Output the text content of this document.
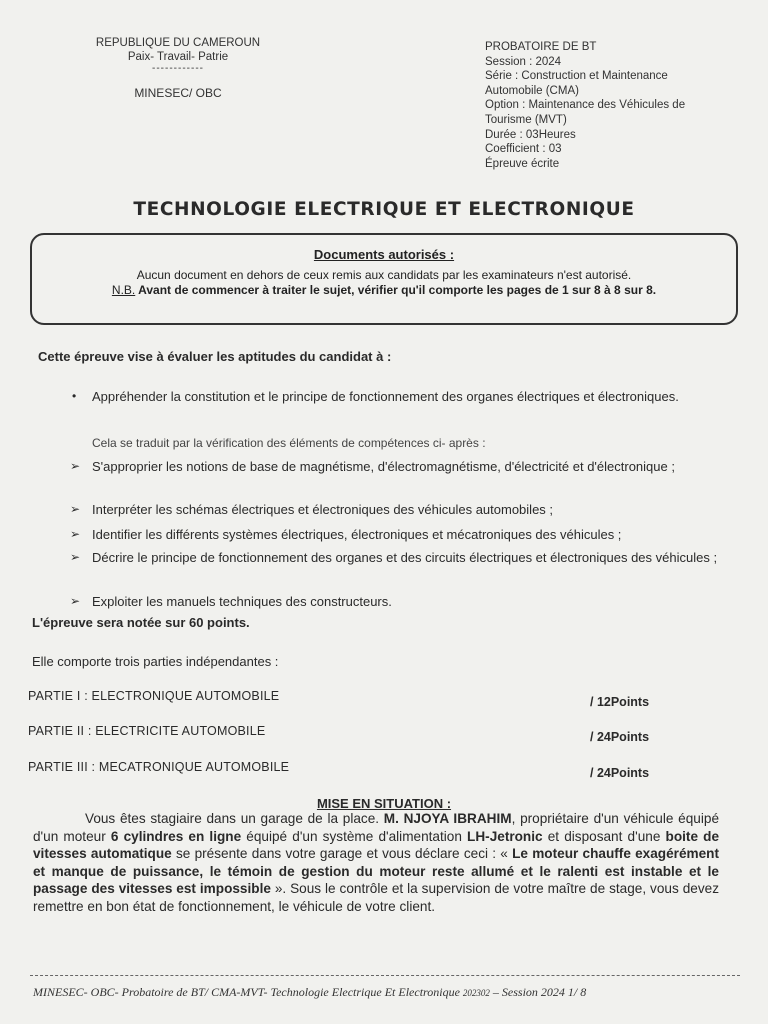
REPUBLIQUE DU CAMEROUN
Paix- Travail- Patrie
------------
MINESEC/ OBC
PROBATOIRE DE BT
Session : 2024
Série : Construction et Maintenance
Automobile (CMA)
Option : Maintenance des Véhicules de
Tourisme (MVT)
Durée : 03Heures
Coefficient : 03
Épreuve écrite
TECHNOLOGIE ELECTRIQUE ET ELECTRONIQUE
Documents autorisés :
Aucun document en dehors de ceux remis aux candidats par les examinateurs n'est autorisé.
N.B. Avant de commencer à traiter le sujet, vérifier qu'il comporte les pages de 1 sur 8 à 8 sur 8.
Cette épreuve vise à évaluer les aptitudes du candidat à :
•	Appréhender la constitution et le principe de fonctionnement des organes électriques et électroniques.
Cela se traduit par la vérification des éléments de compétences ci- après :
➢ S'approprier les notions de base de magnétisme, d'électromagnétisme, d'électricité et d'électronique ;
➢ Interpréter les schémas électriques et électroniques des véhicules automobiles ;
➢ Identifier les différents systèmes électriques, électroniques et mécatroniques des véhicules ;
➢ Décrire le principe de fonctionnement des organes et des circuits électriques et électroniques des véhicules ;
➢ Exploiter les manuels techniques des constructeurs.
L'épreuve sera notée sur 60 points.
Elle comporte trois parties indépendantes :
PARTIE I : ELECTRONIQUE AUTOMOBILE	/ 12Points
PARTIE II : ELECTRICITE AUTOMOBILE	/ 24Points
PARTIE III : MECATRONIQUE AUTOMOBILE	/ 24Points
MISE EN SITUATION :
Vous êtes stagiaire dans un garage de la place. M. NJOYA IBRAHIM, propriétaire d'un véhicule équipé d'un moteur 6 cylindres en ligne équipé d'un système d'alimentation LH-Jetronic et disposant d'une boite de vitesses automatique se présente dans votre garage et vous déclare ceci : « Le moteur chauffe exagérément et manque de puissance, le témoin de gestion du moteur reste allumé et le ralenti est instable et le passage des vitesses est impossible ». Sous le contrôle et la supervision de votre maître de stage, vous devez remettre en bon état de fonctionnement, le véhicule de votre client.
MINESEC- OBC- Probatoire de BT/ CMA-MVT- Technologie Electrique Et Electronique 202302 – Session 2024 1/ 8
